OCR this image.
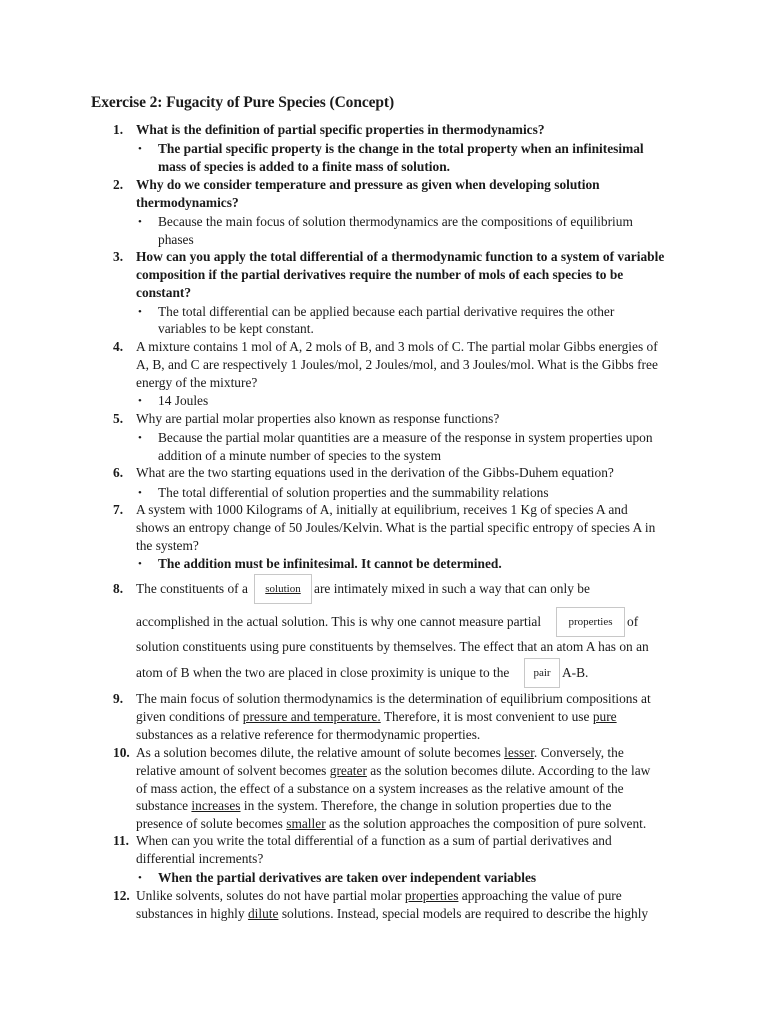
Exercise 2: Fugacity of Pure Species (Concept)
1. What is the definition of partial specific properties in thermodynamics?
• The partial specific property is the change in the total property when an infinitesimal
mass of species is added to a finite mass of solution.
2. Why do we consider temperature and pressure as given when developing solution
thermodynamics?
• Because the main focus of solution thermodynamics are the compositions of equilibrium
phases
3. How can you apply the total differential of a thermodynamic function to a system of variable
composition if the partial derivatives require the number of mols of each species to be
constant?
• The total differential can be applied because each partial derivative requires the other
variables to be kept constant.
4. A mixture contains 1 mol of A, 2 mols of B, and 3 mols of C. The partial molar Gibbs energies of
A, B, and C are respectively 1 Joules/mol, 2 Joules/mol, and 3 Joules/mol. What is the Gibbs free
energy of the mixture?
• 14 Joules
5. Why are partial molar properties also known as response functions?
• Because the partial molar quantities are a measure of the response in system properties upon
addition of a minute number of species to the system
6. What are the two starting equations used in the derivation of the Gibbs-Duhem equation?
• The total differential of solution properties and the summability relations
7. A system with 1000 Kilograms of A, initially at equilibrium, receives 1 Kg of species A and
shows an entropy change of 50 Joules/Kelvin. What is the partial specific entropy of species A in
the system?
• The addition must be infinitesimal. It cannot be determined.
8. The constituents of a	solution are intimately mixed in such a way that can only be
accomplished in the actual solution. This is why one cannot measure partial	properties	of
solution constituents using pure constituents by themselves. The effect that an atom A has on an
atom of B when the two are placed in close proximity is unique to the	pair A-B.
9. The main focus of solution thermodynamics is the determination of equilibrium compositions at
given conditions of pressure and temperature. Therefore, it is most convenient to use pure
substances as a relative reference for thermodynamic properties.
10. As a solution becomes dilute, the relative amount of solute becomes lesser. Conversely, the
relative amount of solvent becomes greater as the solution becomes dilute. According to the law
of mass action, the effect of a substance on a system increases as the relative amount of the
substance increases in the system. Therefore, the change in solution properties due to the
presence of solute becomes smaller as the solution approaches the composition of pure solvent.
11. When can you write the total differential of a function as a sum of partial derivatives and
differential increments?
• When the partial derivatives are taken over independent variables
12. Unlike solvents, solutes do not have partial molar properties approaching the value of pure
substances in highly dilute solutions. Instead, special models are required to describe the highly
